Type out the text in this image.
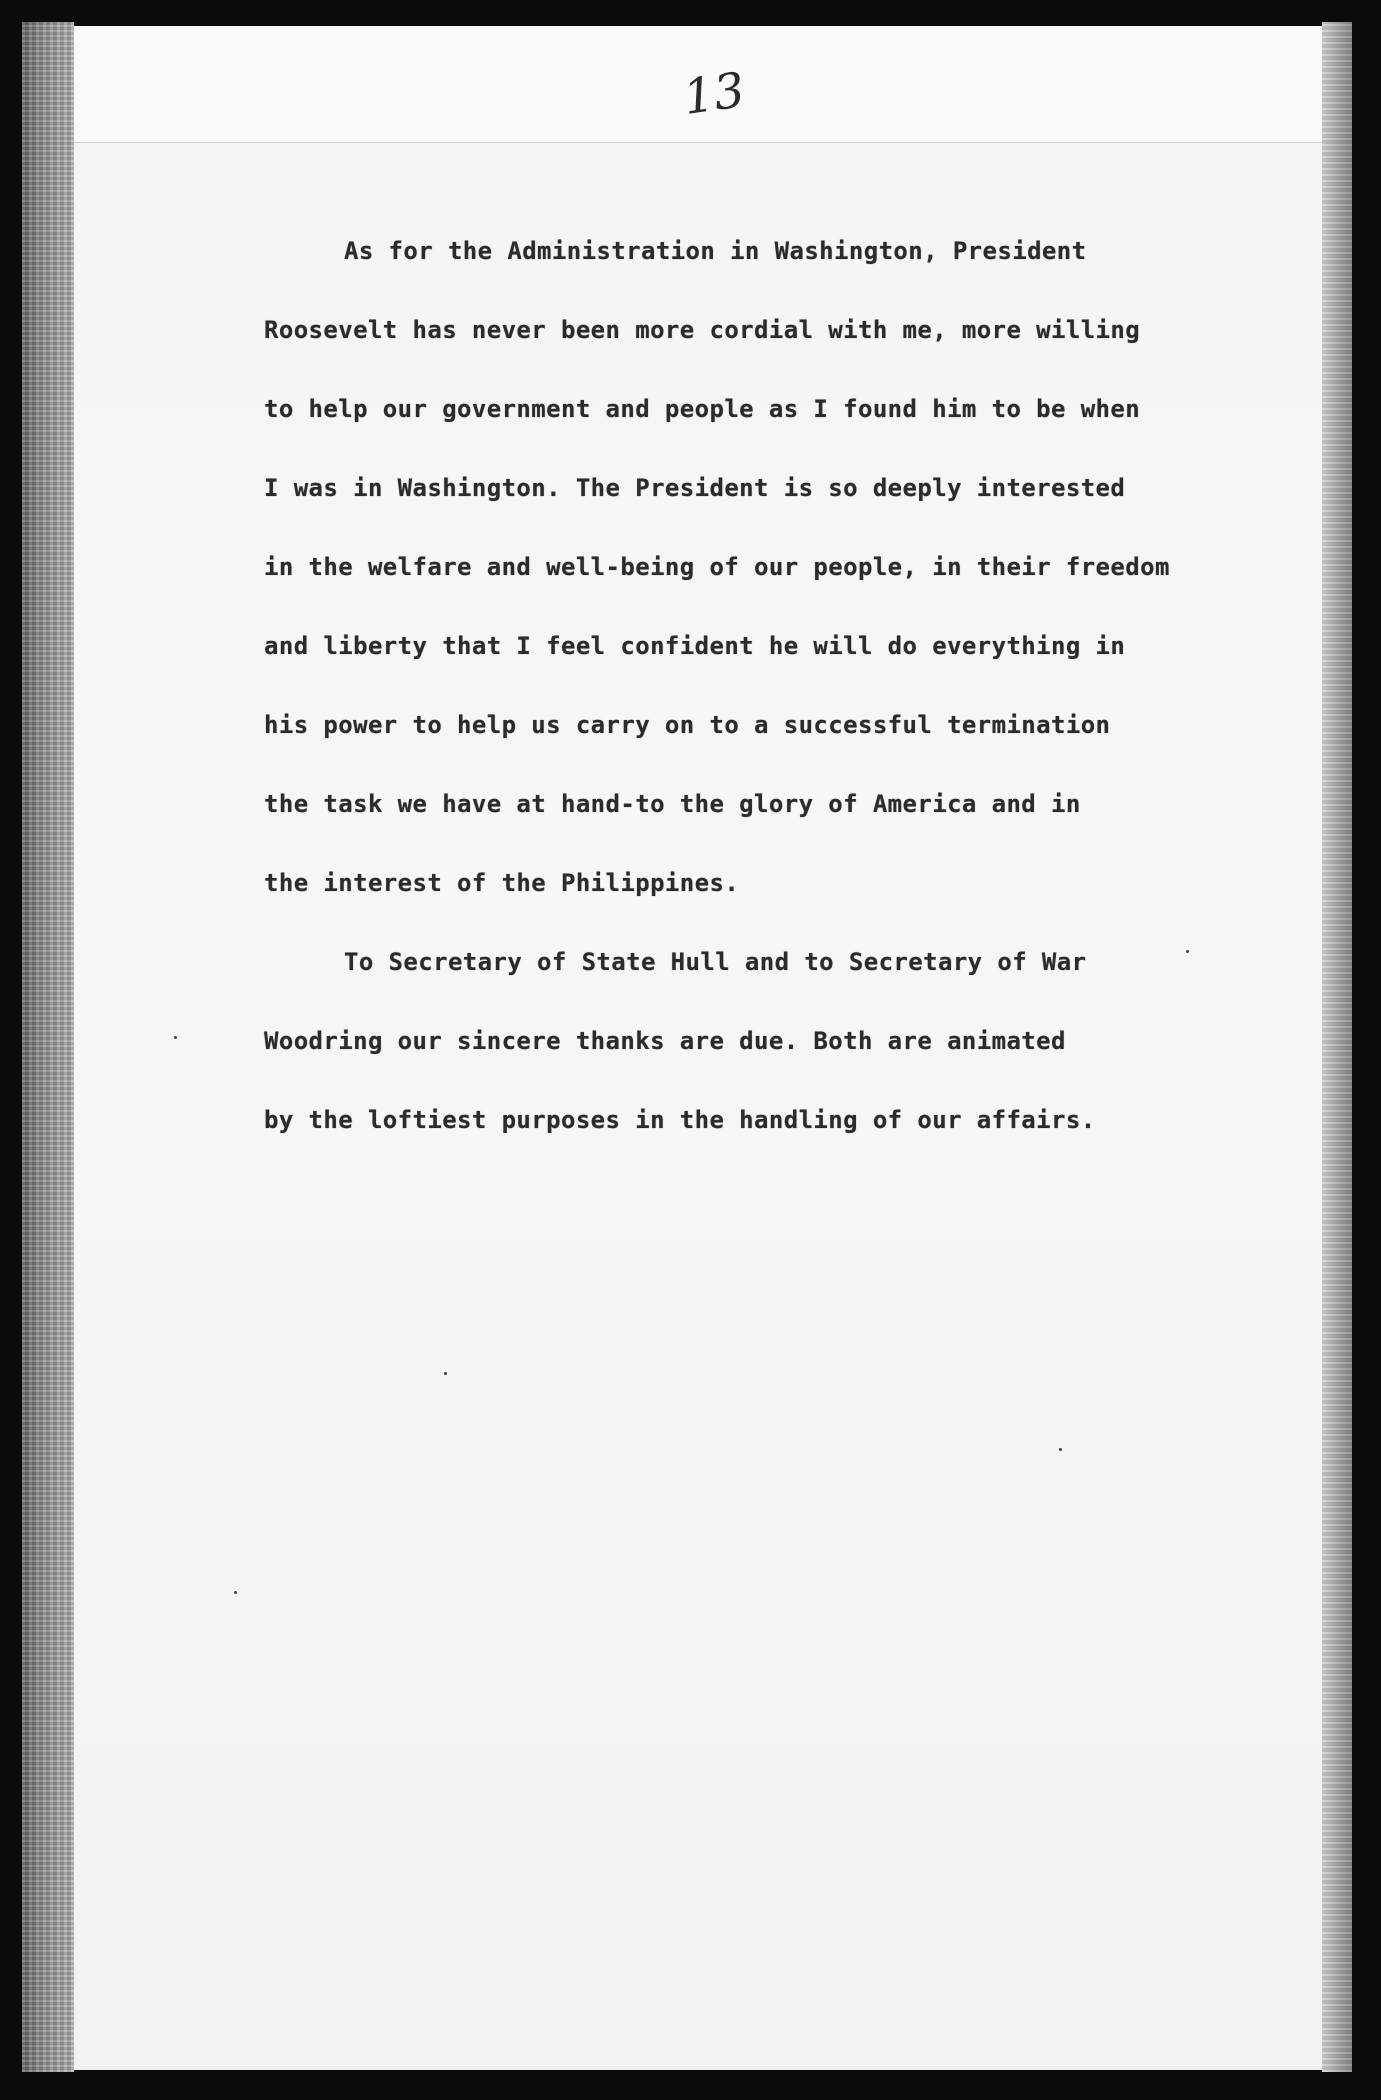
13
As for the Administration in Washington, President
Roosevelt has never been more cordial with me, more willing
to help our government and people as I found him to be when
I was in Washington. The President is so deeply interested
in the welfare and well-being of our people, in their freedom
and liberty that I feel confident he will do everything in
his power to help us carry on to a successful termination
the task we have at hand-to the glory of America and in
the interest of the Philippines.
To Secretary of State Hull and to Secretary of War
Woodring our sincere thanks are due. Both are animated
by the loftiest purposes in the handling of our affairs.
